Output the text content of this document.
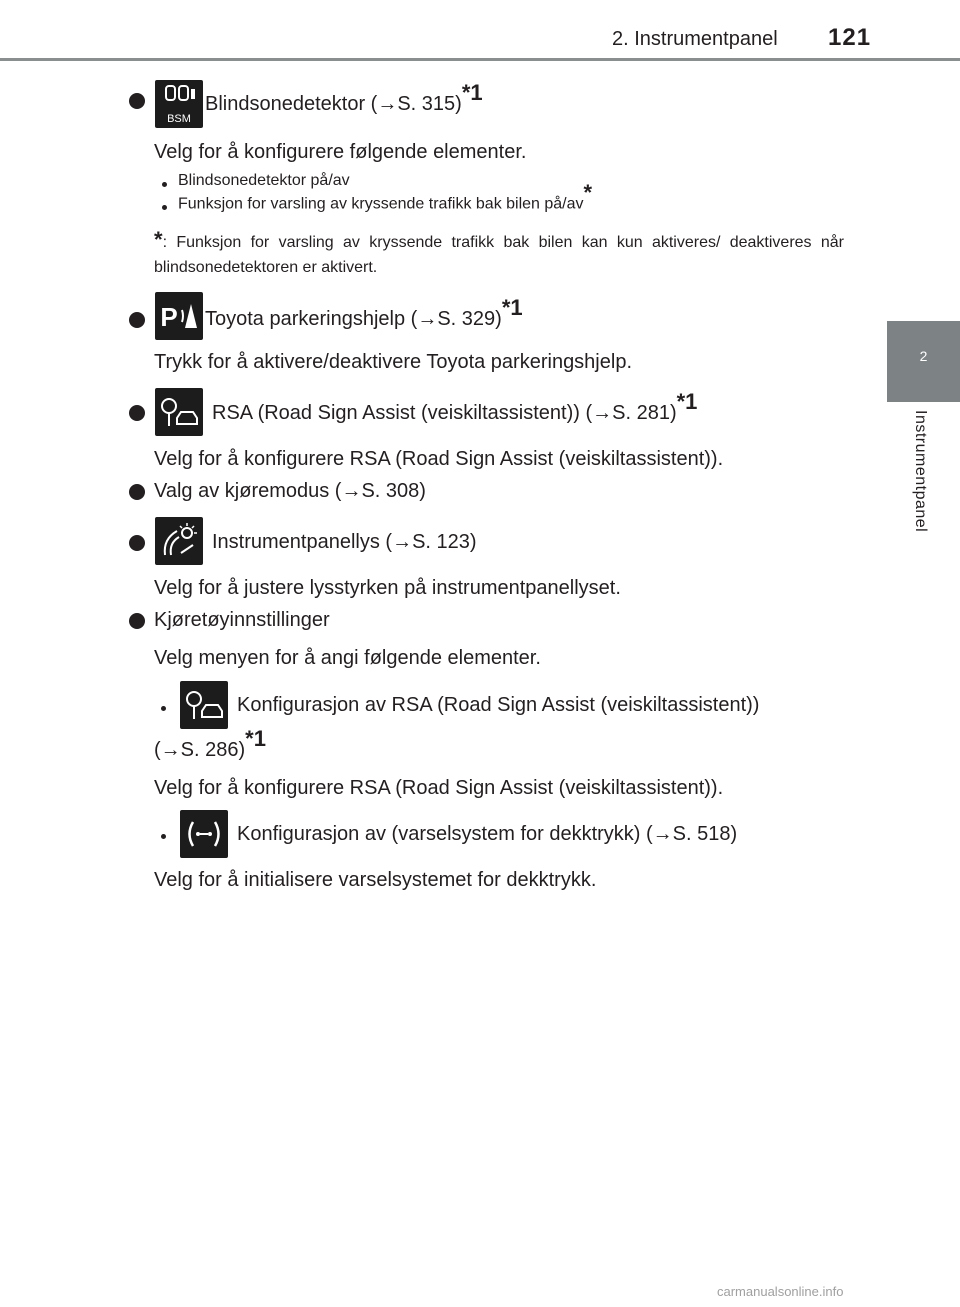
2. Instrumentpanel 121
2
Instrumentpanel
BSM
Blindsonedetektor (→S. 315)$^{*1}$
Velg for å konfigurere følgende elementer.
Blindsonedetektor på/av
Funksjon for varsling av kryssende trafikk bak bilen på/av*
*: Funksjon for varsling av kryssende trafikk bak bilen kan kun aktiveres/ deaktiveres når blindsonedetektoren er aktivert.
P Toyota parkeringshjelp (→S. 329)$^{*1}$
Trykk for å aktivere/deaktivere Toyota parkeringshjelp.
RSA (Road Sign Assist (veiskiltassistent)) (→S. 281)$^{*1}$
Velg for å konfigurere RSA (Road Sign Assist (veiskiltassistent)).
Valg av kjøremodus (→S. 308)
Instrumentpanellys (→S. 123)
Velg for å justere lysstyrken på instrumentpanellyset.
Kjøretøyinnstillinger
Velg menyen for å angi følgende elementer.
Konfigurasjon av RSA (Road Sign Assist (veiskiltassistent))
(→S. 286)$^{*1}$
Velg for å konfigurere RSA (Road Sign Assist (veiskiltassistent)).
Konfigurasjon av (varselsystem for dekktrykk) (→S. 518)
Velg for å initialisere varselsystemet for dekktrykk.
carmanualsonline.info
